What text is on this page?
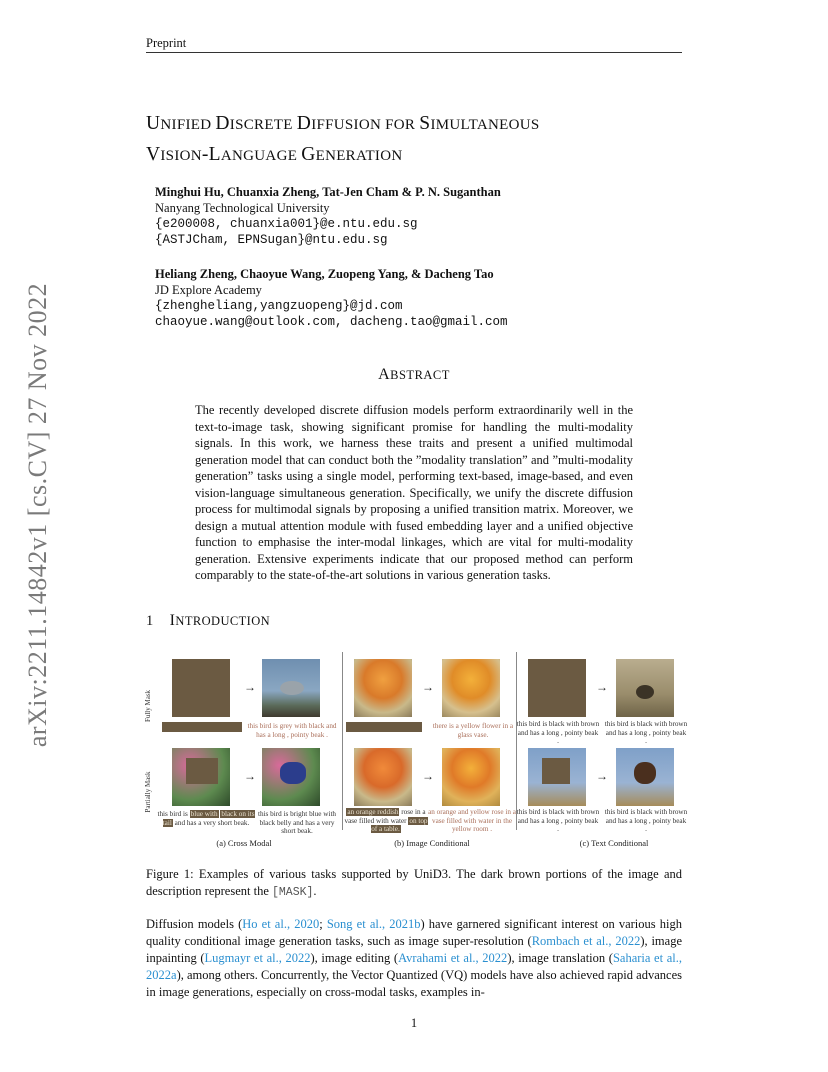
Preprint
arXiv:2211.14842v1 [cs.CV] 27 Nov 2022
UNIFIED DISCRETE DIFFUSION FOR SIMULTANEOUS
VISION-LANGUAGE GENERATION
Minghui Hu, Chuanxia Zheng, Tat-Jen Cham & P. N. Suganthan
Nanyang Technological University
{e200008, chuanxia001}@e.ntu.edu.sg
{ASTJCham, EPNSugan}@ntu.edu.sg
Heliang Zheng, Chaoyue Wang, Zuopeng Yang, & Dacheng Tao
JD Explore Academy
{zhengheliang,yangzuopeng}@jd.com
chaoyue.wang@outlook.com, dacheng.tao@gmail.com
ABSTRACT
The recently developed discrete diffusion models perform extraordinarily well in the text-to-image task, showing significant promise for handling the multi-modality signals. In this work, we harness these traits and present a unified multimodal generation model that can conduct both the ”modality translation” and ”multi-modality generation” tasks using a single model, performing text-based, image-based, and even vision-language simultaneous generation. Specifically, we unify the discrete diffusion process for multimodal signals by proposing a unified transition matrix. Moreover, we design a mutual attention module with fused embedding layer and a unified objective function to emphasise the inter-modal linkages, which are vital for multi-modality generation. Extensive experiments indicate that our proposed method can perform comparably to the state-of-the-art solutions in various generation tasks.
1 INTRODUCTION
Fully Mask
Partially Mask
→
this bird is grey with black and has a long , pointy beak .
→
this bird is blue with black on its tail and has a very short beak.
this bird is bright blue with black belly and has a very short beak.
→
there is a yellow flower in a glass vase.
→
an orange reddish rose in a vase filled with water on top of a table.
an orange and yellow rose in a vase filled with water in the yellow room .
→
this bird is black with brown and has a long , pointy beak .
this bird is black with brown and has a long , pointy beak .
→
this bird is black with brown and has a long , pointy beak .
this bird is black with brown and has a long , pointy beak .
(a) Cross Modal	(b) Image Conditional	(c) Text Conditional
Figure 1: Examples of various tasks supported by UniD3. The dark brown portions of the image and description represent the [MASK].
Diffusion models (Ho et al., 2020; Song et al., 2021b) have garnered significant interest on various high quality conditional image generation tasks, such as image super-resolution (Rombach et al., 2022), image inpainting (Lugmayr et al., 2022), image editing (Avrahami et al., 2022), image translation (Saharia et al., 2022a), among others. Concurrently, the Vector Quantized (VQ) models have also achieved rapid advances in image generations, especially on cross-modal tasks, examples in-
1
